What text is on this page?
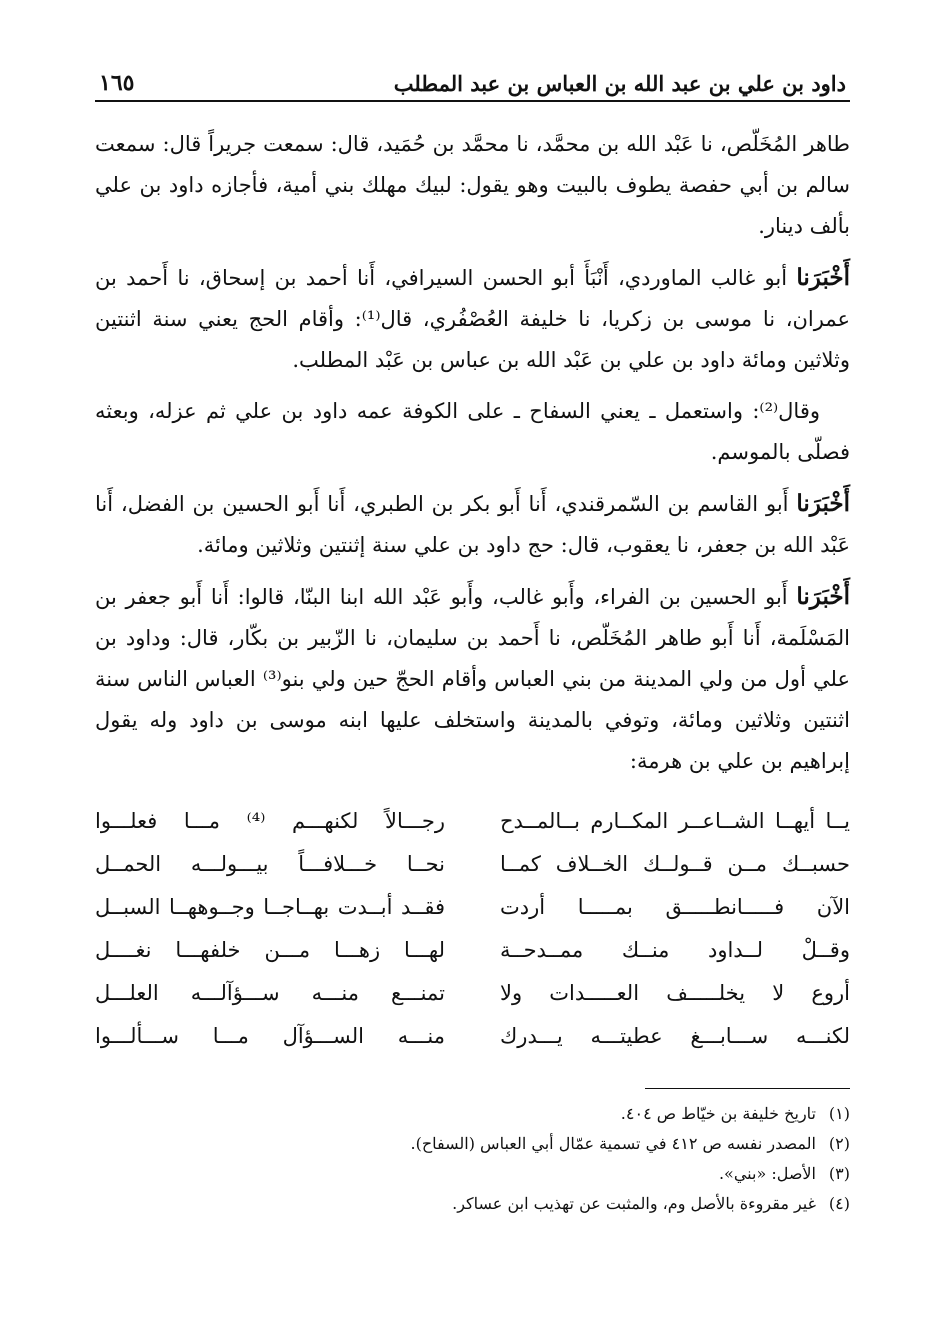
داود بن علي بن عبد الله بن العباس بن عبد المطلب
١٦٥

طاهر المُخَلّص، نا عَبْد الله بن محمَّد، نا محمَّد بن حُمَيد، قال: سمعت جريراً قال: سمعت سالم بن أبي حفصة يطوف بالبيت وهو يقول: لبيك مهلك بني أمية، فأجازه داود بن علي بألف دينار.

أَخْبَرَنا أبو غالب الماوردي، أَنْبَأَ أبو الحسن السيرافي، أَنا أحمد بن إسحاق، نا أَحمد بن عمران، نا موسى بن زكريا، نا خليفة العُصْفُري، قال⁽¹⁾: وأقام الحج يعني سنة اثنتين وثلاثين ومائة داود بن علي بن عَبْد الله بن عباس بن عَبْد المطلب.

وقال⁽²⁾: واستعمل ـ يعني السفاح ـ على الكوفة عمه داود بن علي ثم عزله، وبعثه فصلّى بالموسم.

أَخْبَرَنا أَبو القاسم بن السّمرقندي، أَنا أَبو بكر بن الطبري، أَنا أَبو الحسين بن الفضل، أَنا عَبْد الله بن جعفر، نا يعقوب، قال: حج داود بن علي سنة إثنتين وثلاثين ومائة.

أَخْبَرَنا أَبو الحسين بن الفراء، وأَبو غالب، وأَبو عَبْد الله ابنا البنّا، قالوا: أَنا أَبو جعفر بن المَسْلَمة، أَنا أَبو طاهر المُخَلّص، نا أَحمد بن سليمان، نا الزّبير بن بكّار، قال: وداود بن علي أول من ولي المدينة من بني العباس وأقام الحجّ حين ولي بنو⁽³⁾ العباس الناس سنة اثنتين وثلاثين ومائة، وتوفي بالمدينة واستخلف عليها ابنه موسى بن داود وله يقول إبراهيم بن علي بن هرمة:

يــا أيهــا الشــاعــر المكــارم بــالمــدح
رجـــالاً لكنهـــم ⁽⁴⁾ مـــا فعلـــوا
حسبــك مــن قــولــك الخــلاف كمــا
نحــا خـــلافـــاً بيـــولـــه الحمــل
الآن فـــــانطـــــق بمـــــا أردت
فقــد أبــدت بهــاجــا وجــوههــا السبــل
وقــلْ لــداود منــك ممــدحــة
لهـــا زهـــا مـــن خلفهـــا نغــــل
أروع لا يخلـــــف العـــــدات ولا
تمنـــع منـــه ســـؤآلـــه العلـــل
لكنـــه ســـابـــغ عطيتـــه يـــدرك
منـــه الســـؤآل مـــا ســـألـــوا
(١)
تاريخ خليفة بن خيّاط ص ٤٠٤.
(٢)
المصدر نفسه ص ٤١٢ في تسمية عمّال أبي العباس (السفاح).
(٣)
الأصل: «بني».
(٤)
غير مقروءة بالأصل وم، والمثبت عن تهذيب ابن عساكر.
